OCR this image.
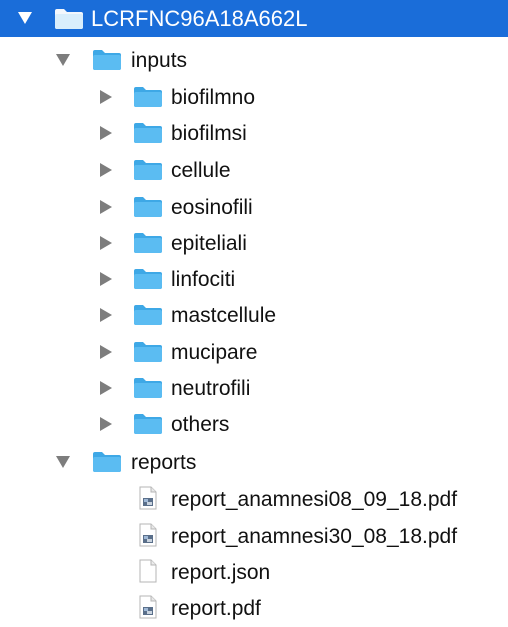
LCRFNC96A18A662L
inputs
biofilmno
biofilmsi
cellule
eosinofili
epiteliali
linfociti
mastcellule
mucipare
neutrofili
others
reports
report_anamnesi08_09_18.pdf
report_anamnesi30_08_18.pdf
report.json
report.pdf
